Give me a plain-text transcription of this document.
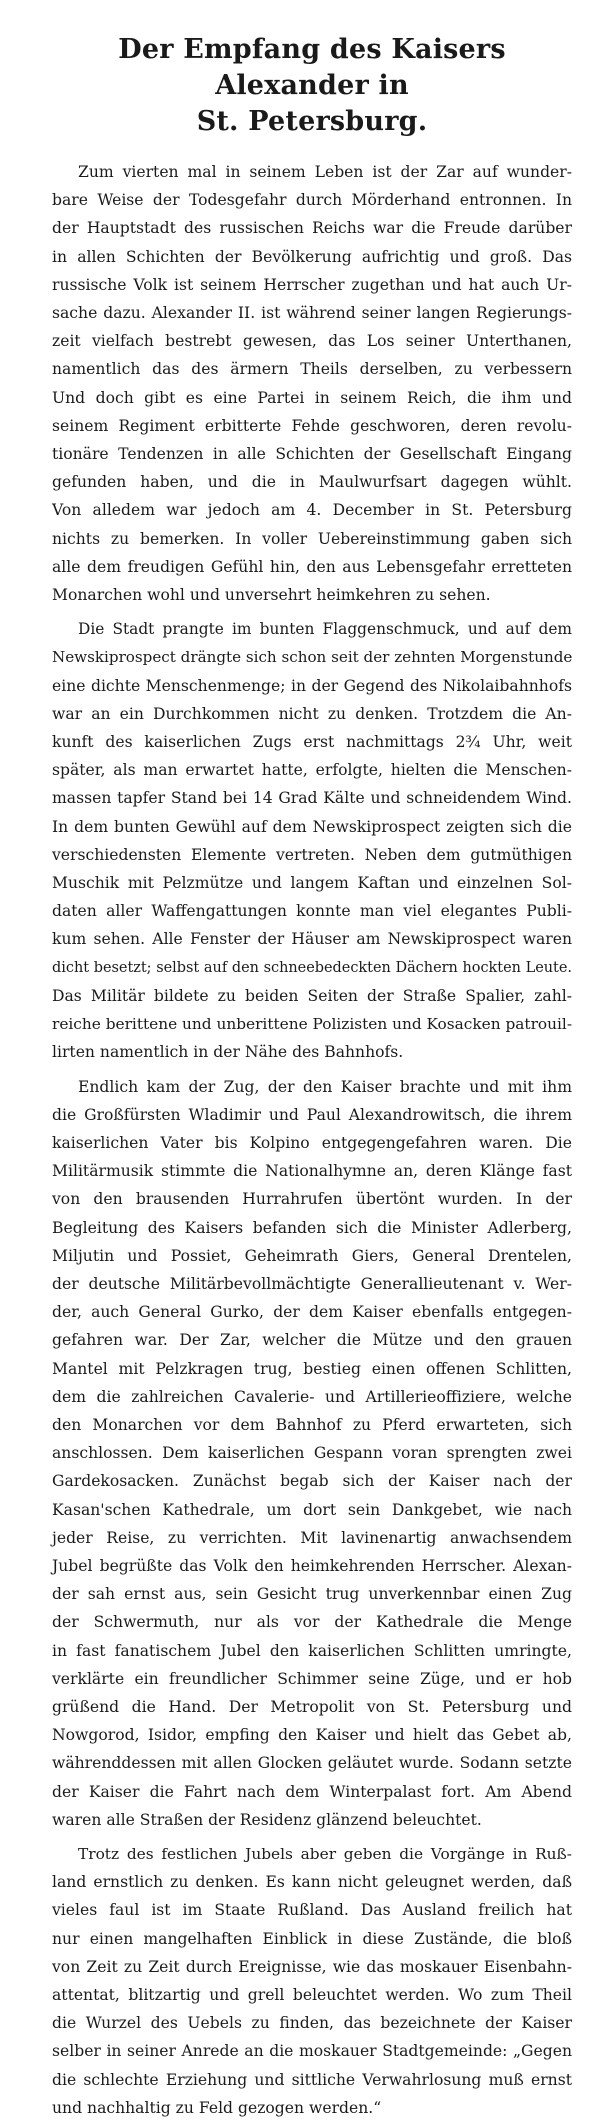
Der Empfang des Kaisers Alexander in
St. Petersburg.

Zum vierten mal in seinem Leben ist der Zar auf wunder-
bare Weise der Todesgefahr durch Mörderhand entronnen. In
der Hauptstadt des russischen Reichs war die Freude darüber
in allen Schichten der Bevölkerung aufrichtig und groß. Das
russische Volk ist seinem Herrscher zugethan und hat auch Ur-
sache dazu. Alexander II. ist während seiner langen Regierungs-
zeit vielfach bestrebt gewesen, das Los seiner Unterthanen,
namentlich das des ärmern Theils derselben, zu verbessern
Und doch gibt es eine Partei in seinem Reich, die ihm und
seinem Regiment erbitterte Fehde geschworen, deren revolu-
tionäre Tendenzen in alle Schichten der Gesellschaft Eingang
gefunden haben, und die in Maulwurfsart dagegen wühlt.
Von alledem war jedoch am 4. December in St. Petersburg
nichts zu bemerken. In voller Uebereinstimmung gaben sich
alle dem freudigen Gefühl hin, den aus Lebensgefahr erretteten
Monarchen wohl und unversehrt heimkehren zu sehen.

Die Stadt prangte im bunten Flaggenschmuck, und auf dem
Newskiprospect drängte sich schon seit der zehnten Morgenstunde
eine dichte Menschenmenge; in der Gegend des Nikolaibahnhofs
war an ein Durchkommen nicht zu denken. Trotzdem die An-
kunft des kaiserlichen Zugs erst nachmittags 2¾ Uhr, weit
später, als man erwartet hatte, erfolgte, hielten die Menschen-
massen tapfer Stand bei 14 Grad Kälte und schneidendem Wind.
In dem bunten Gewühl auf dem Newskiprospect zeigten sich die
verschiedensten Elemente vertreten. Neben dem gutmüthigen
Muschik mit Pelzmütze und langem Kaftan und einzelnen Sol-
daten aller Waffengattungen konnte man viel elegantes Publi-
kum sehen. Alle Fenster der Häuser am Newskiprospect waren
dicht besetzt; selbst auf den schneebedeckten Dächern hockten Leute.
Das Militär bildete zu beiden Seiten der Straße Spalier, zahl-
reiche berittene und unberittene Polizisten und Kosacken patrouil-
lirten namentlich in der Nähe des Bahnhofs.

Endlich kam der Zug, der den Kaiser brachte und mit ihm
die Großfürsten Wladimir und Paul Alexandrowitsch, die ihrem
kaiserlichen Vater bis Kolpino entgegengefahren waren. Die
Militärmusik stimmte die Nationalhymne an, deren Klänge fast
von den brausenden Hurrahrufen übertönt wurden. In der
Begleitung des Kaisers befanden sich die Minister Adlerberg,
Miljutin und Possiet, Geheimrath Giers, General Drentelen,
der deutsche Militärbevollmächtigte Generallieutenant v. Wer-
der, auch General Gurko, der dem Kaiser ebenfalls entgegen-
gefahren war. Der Zar, welcher die Mütze und den grauen
Mantel mit Pelzkragen trug, bestieg einen offenen Schlitten,
dem die zahlreichen Cavalerie- und Artillerieoffiziere, welche
den Monarchen vor dem Bahnhof zu Pferd erwarteten, sich
anschlossen. Dem kaiserlichen Gespann voran sprengten zwei
Gardekosacken. Zunächst begab sich der Kaiser nach der
Kasan'schen Kathedrale, um dort sein Dankgebet, wie nach
jeder Reise, zu verrichten. Mit lavinenartig anwachsendem
Jubel begrüßte das Volk den heimkehrenden Herrscher. Alexan-
der sah ernst aus, sein Gesicht trug unverkennbar einen Zug
der Schwermuth, nur als vor der Kathedrale die Menge
in fast fanatischem Jubel den kaiserlichen Schlitten umringte,
verklärte ein freundlicher Schimmer seine Züge, und er hob
grüßend die Hand. Der Metropolit von St. Petersburg und
Nowgorod, Isidor, empfing den Kaiser und hielt das Gebet ab,
währenddessen mit allen Glocken geläutet wurde. Sodann setzte
der Kaiser die Fahrt nach dem Winterpalast fort. Am Abend
waren alle Straßen der Residenz glänzend beleuchtet.

Trotz des festlichen Jubels aber geben die Vorgänge in Ruß-
land ernstlich zu denken. Es kann nicht geleugnet werden, daß
vieles faul ist im Staate Rußland. Das Ausland freilich hat
nur einen mangelhaften Einblick in diese Zustände, die bloß
von Zeit zu Zeit durch Ereignisse, wie das moskauer Eisenbahn-
attentat, blitzartig und grell beleuchtet werden. Wo zum Theil
die Wurzel des Uebels zu finden, das bezeichnete der Kaiser
selber in seiner Anrede an die moskauer Stadtgemeinde: „Gegen
die schlechte Erziehung und sittliche Verwahrlosung muß ernst
und nachhaltig zu Feld gezogen werden.“
